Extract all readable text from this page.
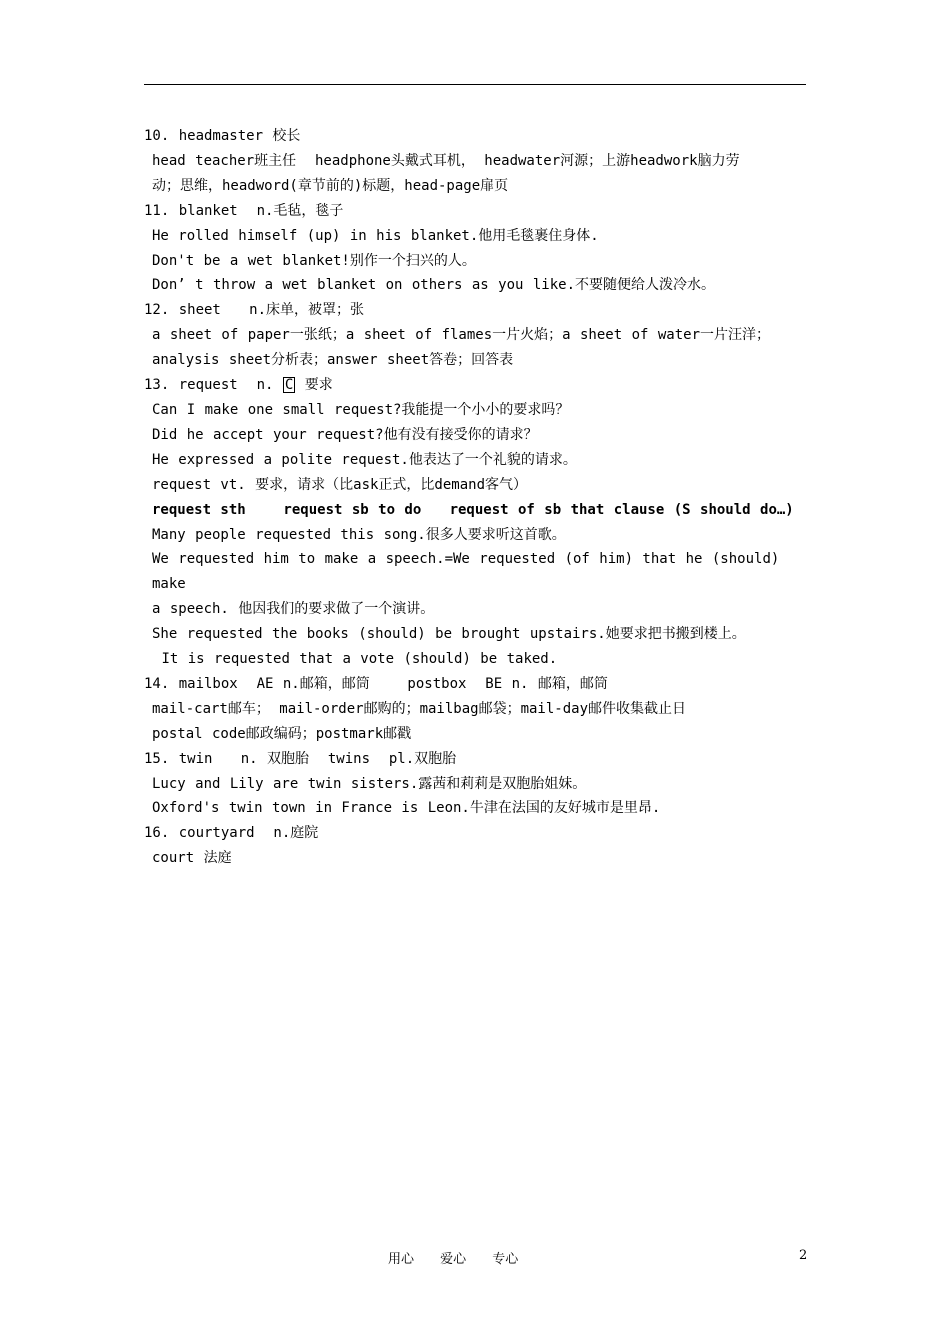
10. headmaster 校长
head teacher班主任  headphone头戴式耳机， headwater河源；上游headwork脑力劳
动；思维，headword(章节前的)标题，head-page扉页
11. blanket  n.毛毡，毯子
He rolled himself (up) in his blanket.他用毛毯裹住身体.
Don't be a wet blanket!别作一个扫兴的人。
Don’ t throw a wet blanket on others as you like.不要随便给人泼冷水。
12. sheet   n.床单，被罩；张
a sheet of paper一张纸；a sheet of flames一片火焰；a sheet of water一片汪洋；
analysis sheet分析表；answer sheet答卷；回答表
13. request  n. C 要求
Can I make one small request?我能提一个小小的要求吗？
Did he accept your request?他有没有接受你的请求？
He expressed a polite request.他表达了一个礼貌的请求。
request vt. 要求，请求（比ask正式，比demand客气）
request sth    request sb to do   request of sb that clause (S should do…)
Many people requested this song.很多人要求听这首歌。
We requested him to make a speech.=We requested (of him) that he (should) make
a speech. 他因我们的要求做了一个演讲。
She requested the books (should) be brought upstairs.她要求把书搬到楼上。
It is requested that a vote (should) be taked.
14. mailbox  AE n.邮箱，邮筒    postbox  BE n. 邮箱，邮筒
mail-cart邮车； mail-order邮购的；mailbag邮袋；mail-day邮件收集截止日
postal code邮政编码；postmark邮戳
15. twin   n. 双胞胎  twins  pl.双胞胎
Lucy and Lily are twin sisters.露茜和莉莉是双胞胎姐妹。
Oxford's twin town in France is Leon.牛津在法国的友好城市是里昂.
16. courtyard  n.庭院
court 法庭
用心 爱心 专心	2
